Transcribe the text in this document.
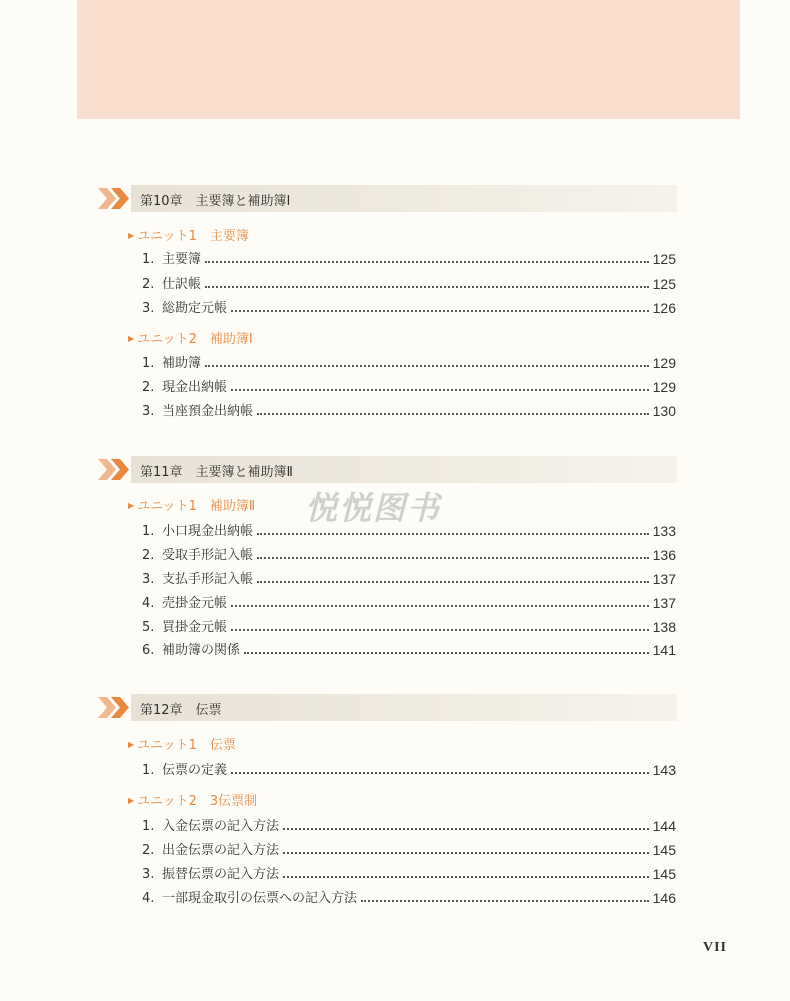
第10章　主要簿と補助簿Ⅰ
▶ ユニット1　主要簿
1. 主要簿	125
2. 仕訳帳	125
3. 総勘定元帳	126
▶ ユニット2　補助簿Ⅰ
1. 補助簿	129
2. 現金出納帳	129
3. 当座預金出納帳	130
第11章　主要簿と補助簿Ⅱ
▶ ユニット1　補助簿Ⅱ
1. 小口現金出納帳	133
2. 受取手形記入帳	136
3. 支払手形記入帳	137
4. 売掛金元帳	137
5. 買掛金元帳	138
6. 補助簿の関係	141
第12章　伝票
▶ ユニット1　伝票
1. 伝票の定義	143
▶ ユニット2　3伝票制
1. 入金伝票の記入方法	144
2. 出金伝票の記入方法	145
3. 振替伝票の記入方法	145
4. 一部現金取引の伝票への記入方法	146
悦悦图书
VII
